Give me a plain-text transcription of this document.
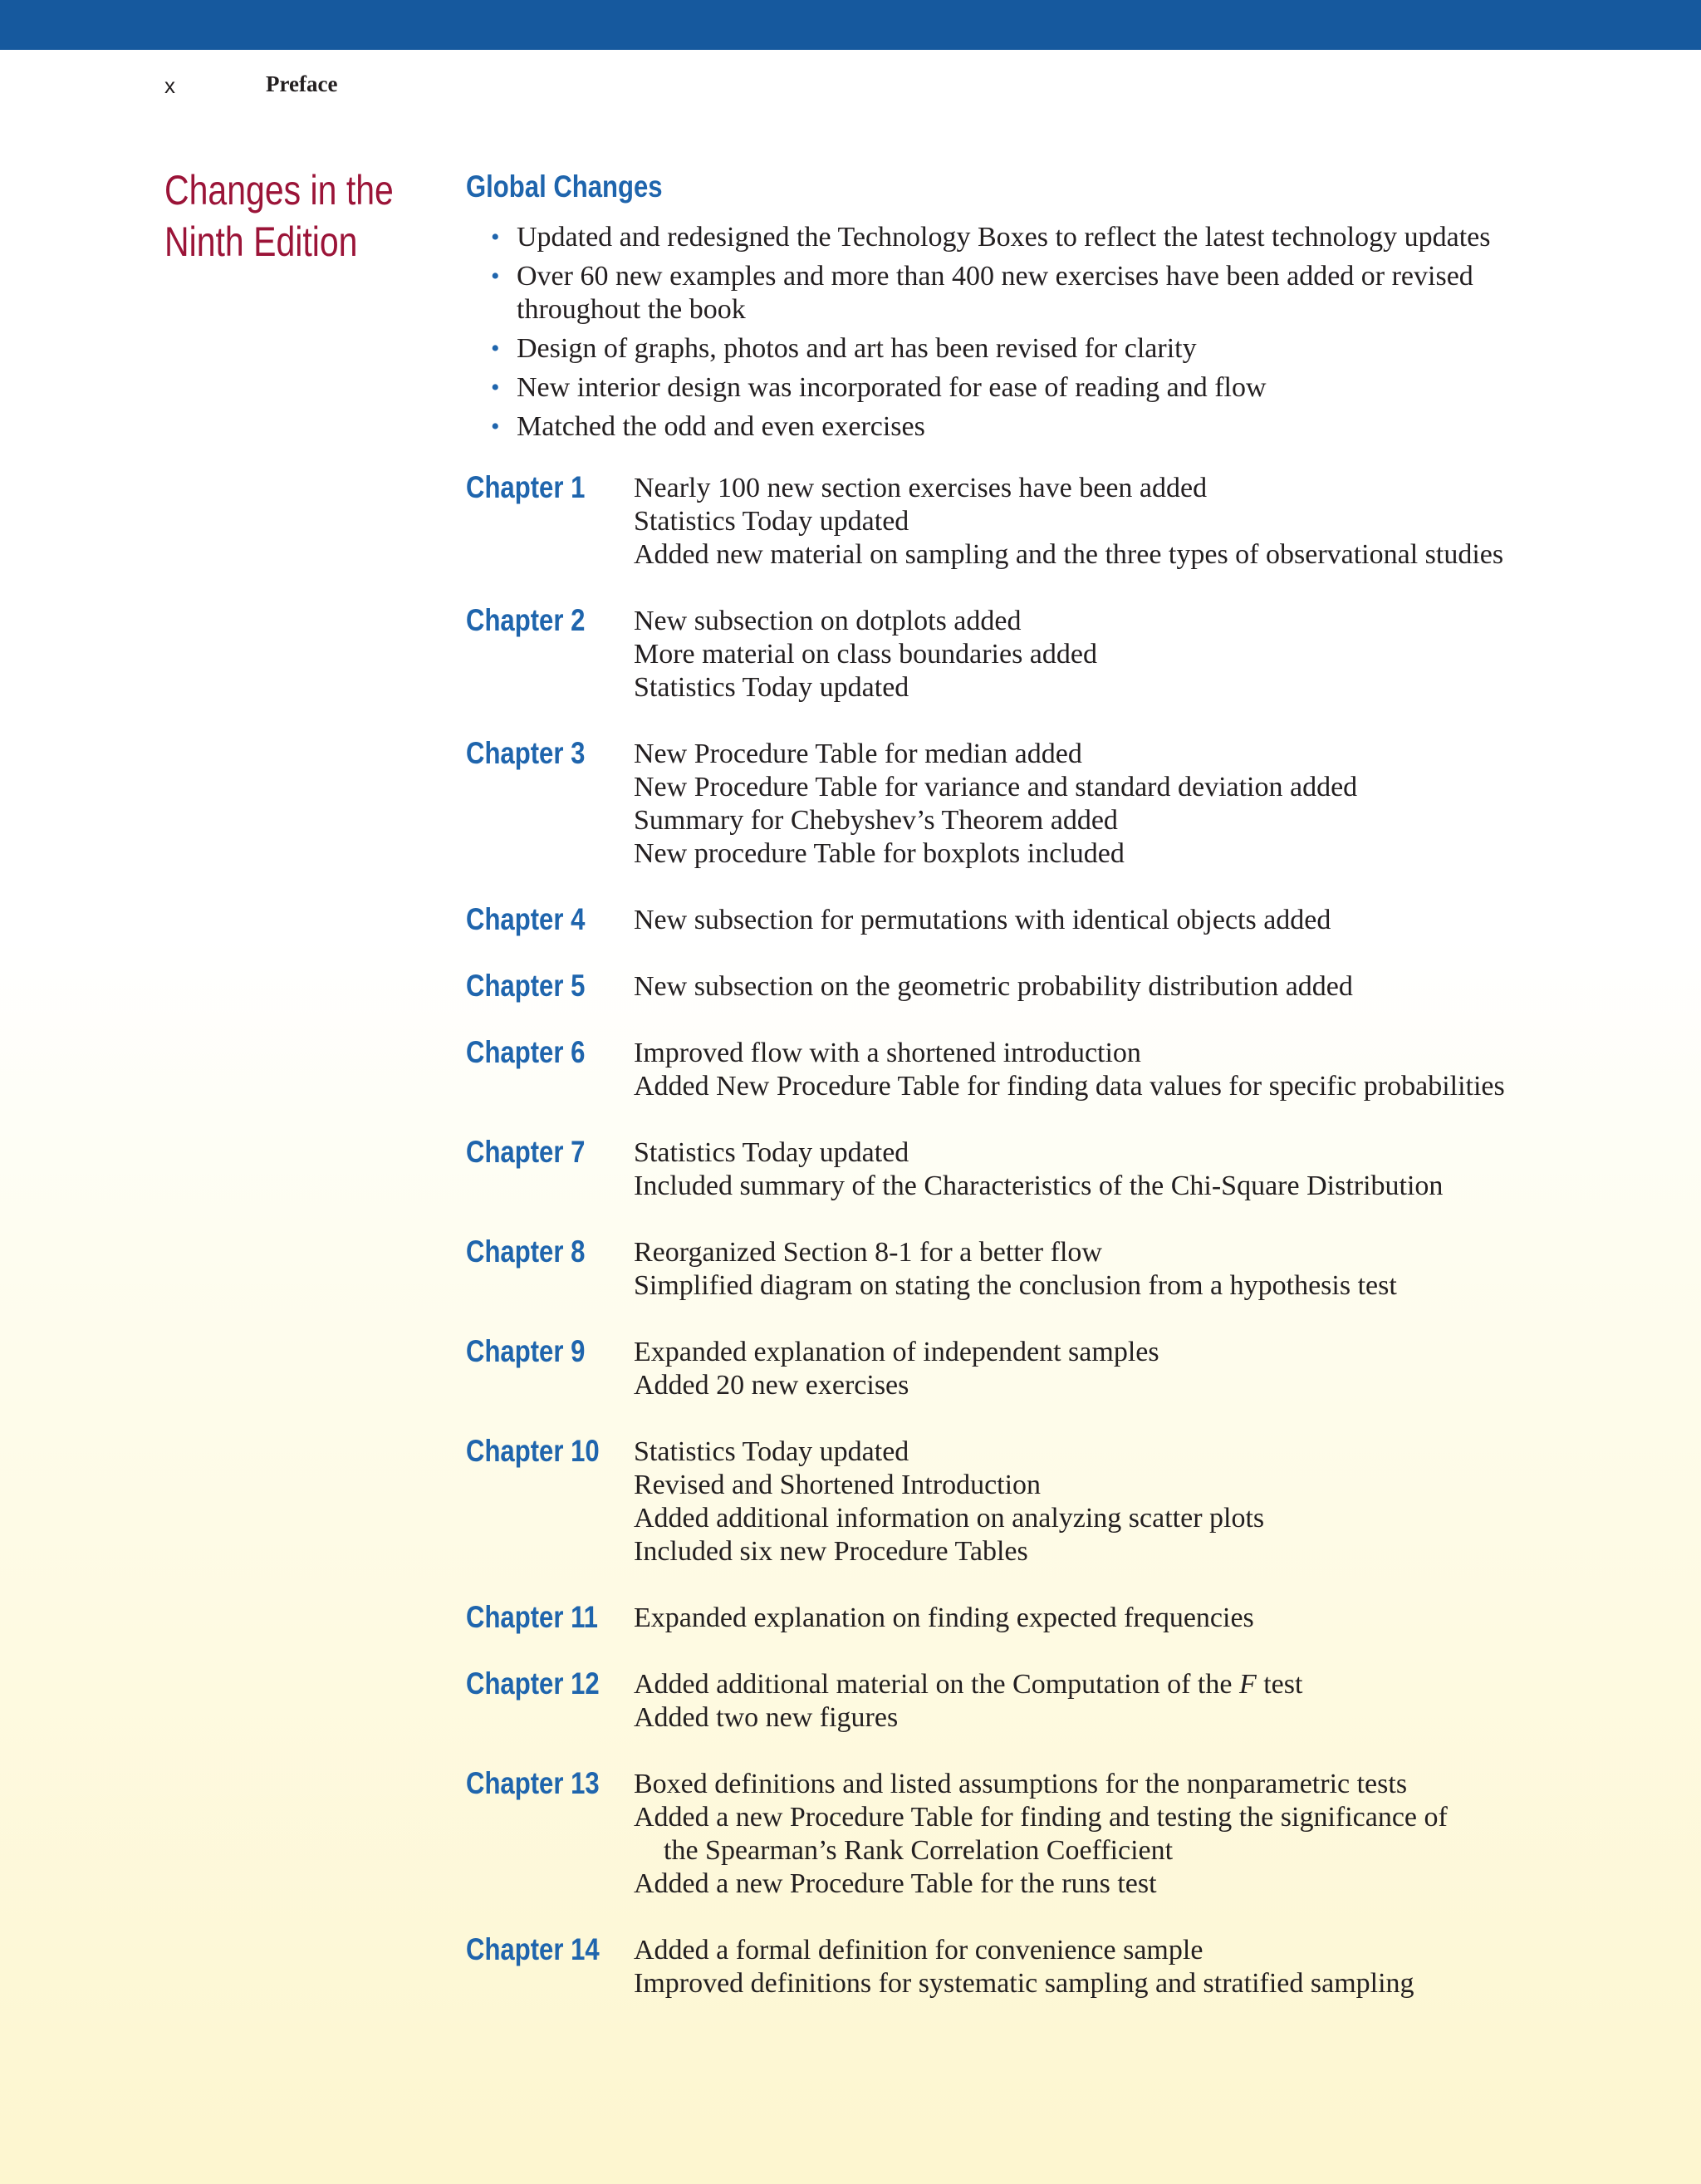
x	Preface
Changes in the
Ninth Edition
Global Changes
• Updated and redesigned the Technology Boxes to reflect the latest technology updates
• Over 60 new examples and more than 400 new exercises have been added or revised
throughout the book
• Design of graphs, photos and art has been revised for clarity
• New interior design was incorporated for ease of reading and flow
• Matched the odd and even exercises
Chapter 1 Nearly 100 new section exercises have been added
Statistics Today updated
Added new material on sampling and the three types of observational studies
Chapter 2 New subsection on dotplots added
More material on class boundaries added
Statistics Today updated
Chapter 3 New Procedure Table for median added
New Procedure Table for variance and standard deviation added
Summary for Chebyshev’s Theorem added
New procedure Table for boxplots included
Chapter 4 New subsection for permutations with identical objects added
Chapter 5 New subsection on the geometric probability distribution added
Chapter 6 Improved flow with a shortened introduction
Added New Procedure Table for finding data values for specific probabilities
Chapter 7 Statistics Today updated
Included summary of the Characteristics of the Chi-Square Distribution
Chapter 8 Reorganized Section 8-1 for a better flow
Simplified diagram on stating the conclusion from a hypothesis test
Chapter 9 Expanded explanation of independent samples
Added 20 new exercises
Chapter 10 Statistics Today updated
Revised and Shortened Introduction
Added additional information on analyzing scatter plots
Included six new Procedure Tables
Chapter 11 Expanded explanation on finding expected frequencies
Chapter 12 Added additional material on the Computation of the F test
Added two new figures
Chapter 13 Boxed definitions and listed assumptions for the nonparametric tests
Added a new Procedure Table for finding and testing the significance of
the Spearman’s Rank Correlation Coefficient
Added a new Procedure Table for the runs test
Chapter 14 Added a formal definition for convenience sample
Improved definitions for systematic sampling and stratified sampling
